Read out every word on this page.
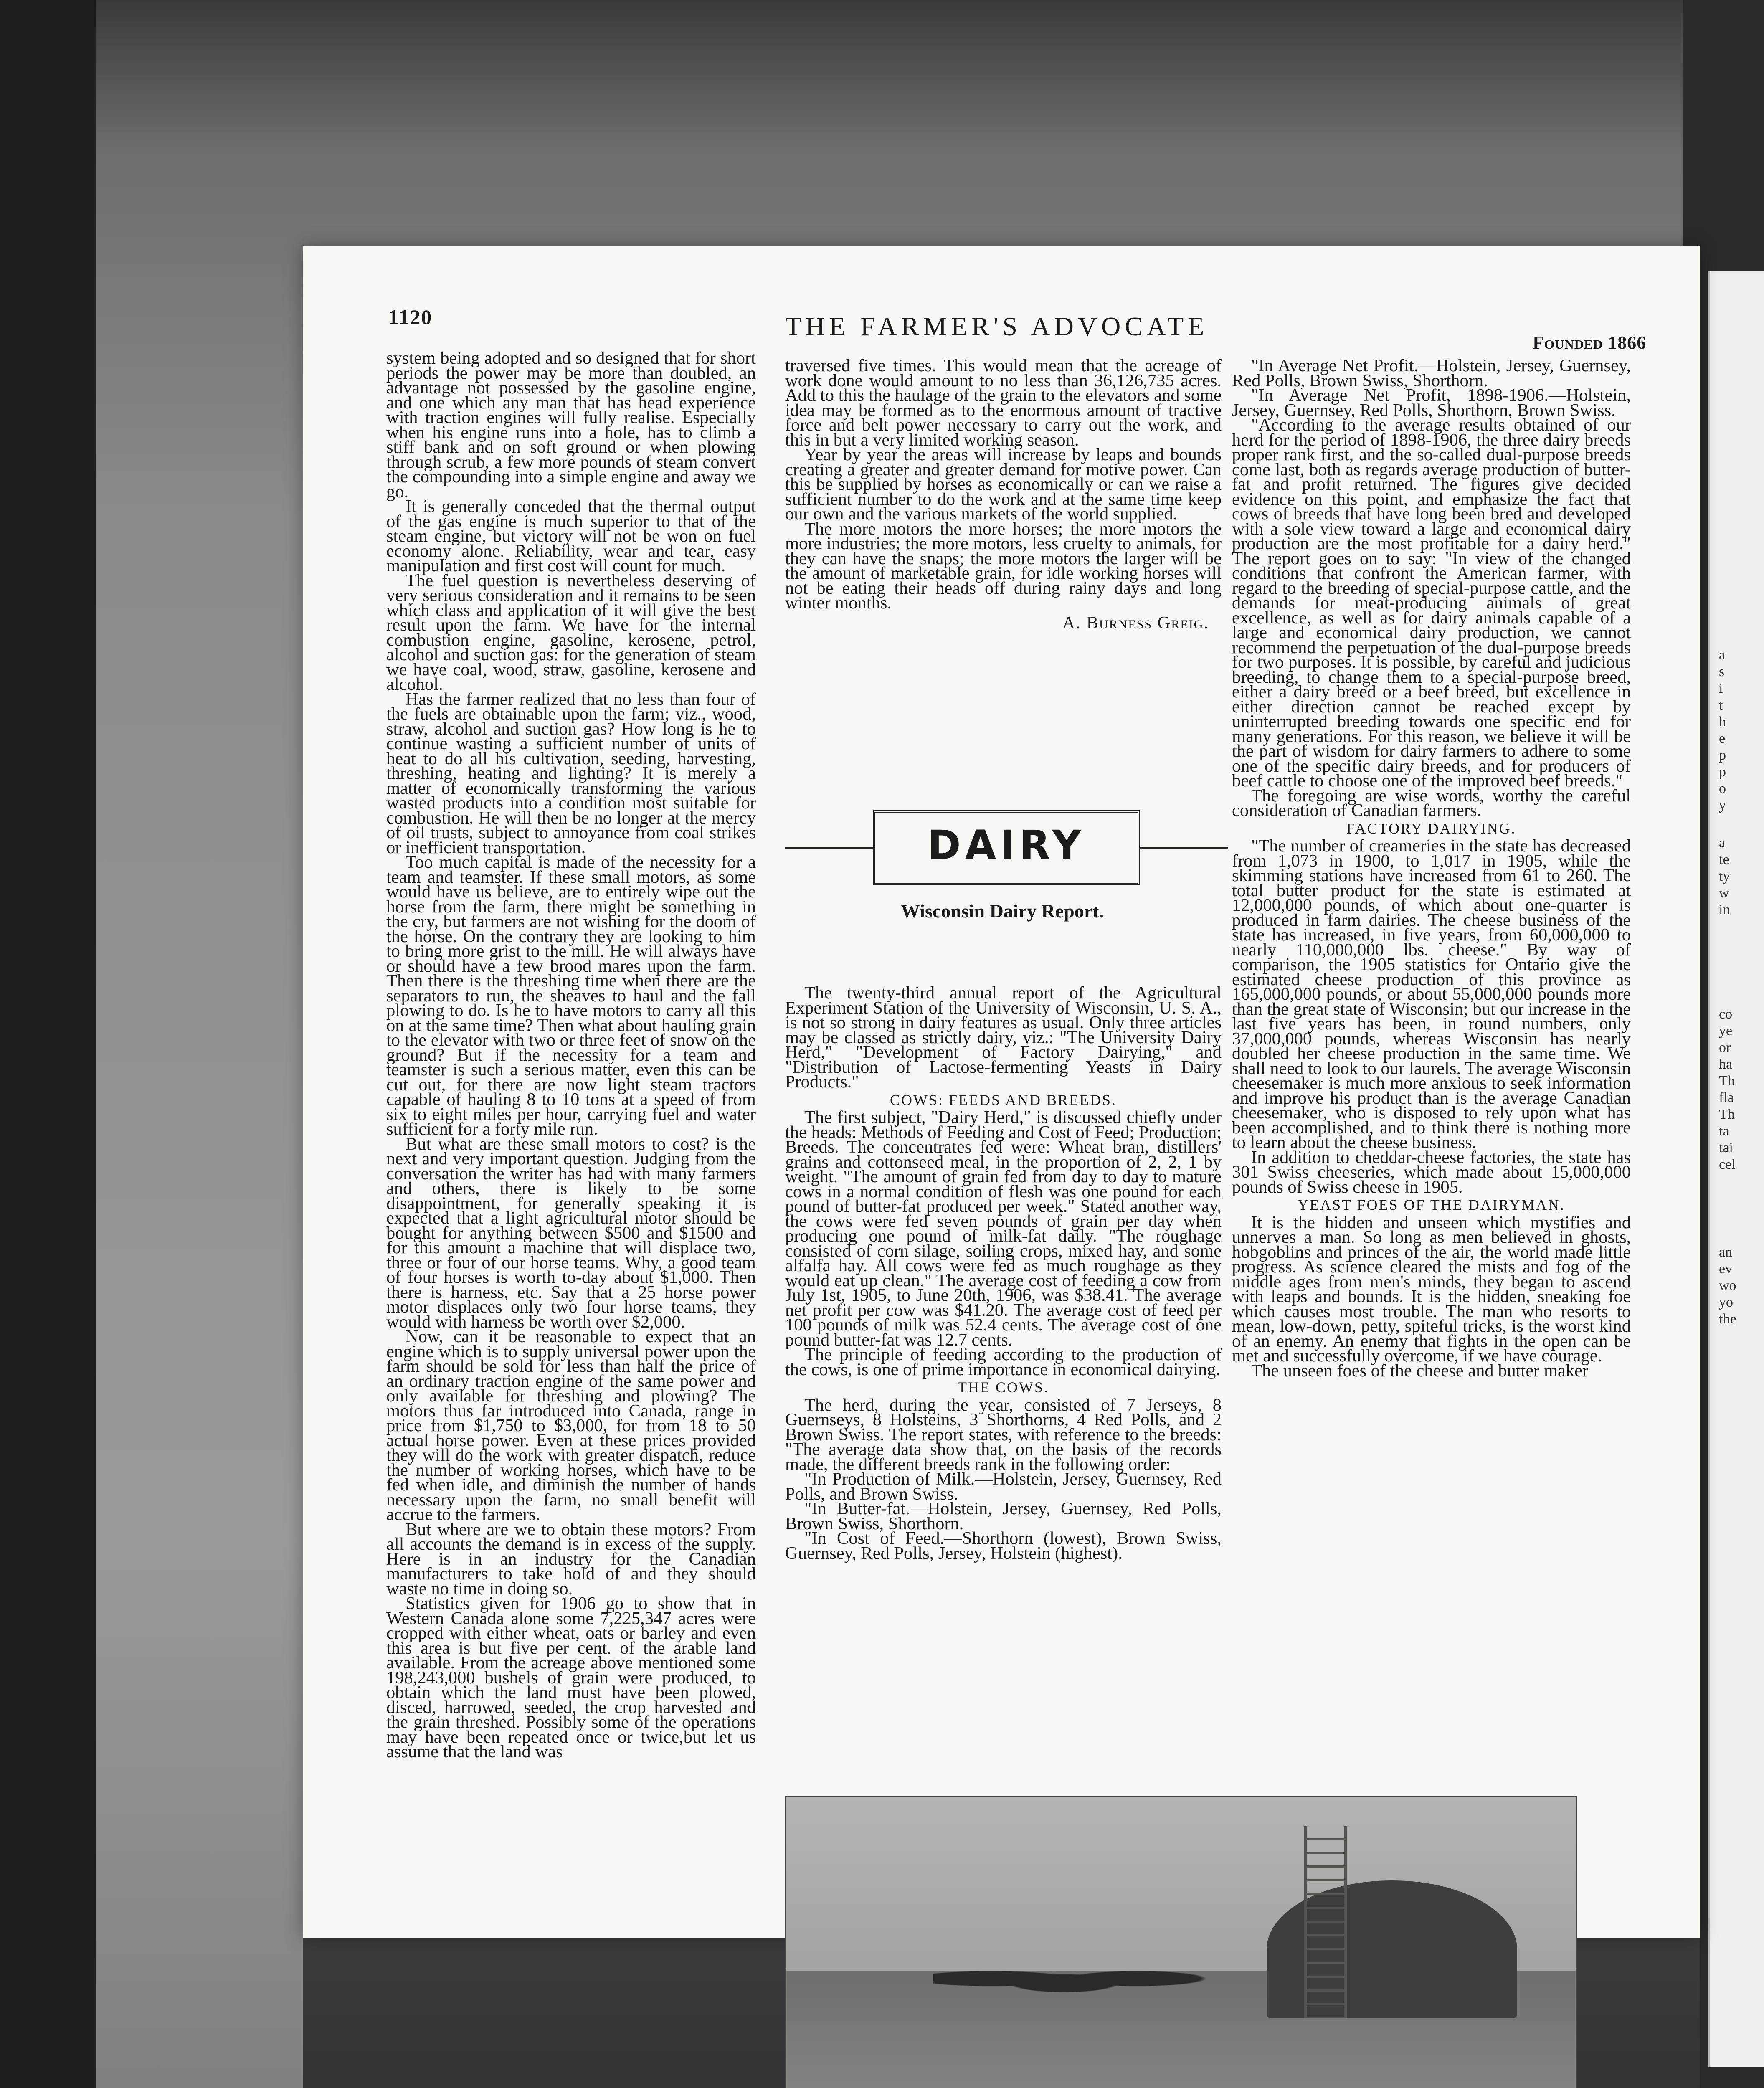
a
s
i
t
h
e
p
p
o
y
a
te
ty
w
in
co
ye
or
ha
Th
fla
Th
ta
tai
cel
an
ev
wo
yo
the
1120	THE FARMER'S ADVOCATE
Founded 1866

system being adopted and so designed that for short periods the power may be more than doubled, an advantage not possessed by the gasoline engine, and one which any man that has head experience with traction engines will fully realise. Especially when his engine runs into a hole, has to climb a stiff bank and on soft ground or when plowing through scrub, a few more pounds of steam convert the compounding into a simple engine and away we go.

It is generally conceded that the thermal output of the gas engine is much superior to that of the steam engine, but victory will not be won on fuel economy alone. Reliability, wear and tear, easy manipulation and first cost will count for much.

The fuel question is nevertheless deserving of very serious consideration and it remains to be seen which class and application of it will give the best result upon the farm. We have for the internal combustion engine, gasoline, kerosene, petrol, alcohol and suction gas: for the generation of steam we have coal, wood, straw, gasoline, kerosene and alcohol.

Has the farmer realized that no less than four of the fuels are obtainable upon the farm; viz., wood, straw, alcohol and suction gas? How long is he to continue wasting a sufficient number of units of heat to do all his cultivation, seeding, harvesting, threshing, heating and lighting? It is merely a matter of economically transforming the various wasted products into a condition most suitable for combustion. He will then be no longer at the mercy of oil trusts, subject to annoyance from coal strikes or inefficient transportation.

Too much capital is made of the necessity for a team and teamster. If these small motors, as some would have us believe, are to entirely wipe out the horse from the farm, there might be something in the cry, but farmers are not wishing for the doom of the horse. On the contrary they are looking to him to bring more grist to the mill. He will always have or should have a few brood mares upon the farm. Then there is the threshing time when there are the separators to run, the sheaves to haul and the fall plowing to do. Is he to have motors to carry all this on at the same time? Then what about hauling grain to the elevator with two or three feet of snow on the ground? But if the necessity for a team and teamster is such a serious matter, even this can be cut out, for there are now light steam tractors capable of hauling 8 to 10 tons at a speed of from six to eight miles per hour, carrying fuel and water sufficient for a forty mile run.

But what are these small motors to cost? is the next and very important question. Judging from the conversation the writer has had with many farmers and others, there is likely to be some disappointment, for generally speaking it is expected that a light agricultural motor should be bought for anything between $500 and $1500 and for this amount a machine that will displace two, three or four of our horse teams. Why, a good team of four horses is worth to-day about $1,000. Then there is harness, etc. Say that a 25 horse power motor displaces only two four horse teams, they would with harness be worth over $2,000.

Now, can it be reasonable to expect that an engine which is to supply universal power upon the farm should be sold for less than half the price of an ordinary traction engine of the same power and only available for threshing and plowing? The motors thus far introduced into Canada, range in price from $1,750 to $3,000, for from 18 to 50 actual horse power. Even at these prices provided they will do the work with greater dispatch, reduce the number of working horses, which have to be fed when idle, and diminish the number of hands necessary upon the farm, no small benefit will accrue to the farmers.

But where are we to obtain these motors? From all accounts the demand is in excess of the supply. Here is in an industry for the Canadian manufacturers to take hold of and they should waste no time in doing so.

Statistics given for 1906 go to show that in Western Canada alone some 7,225,347 acres were cropped with either wheat, oats or barley and even this area is but five per cent. of the arable land available. From the acreage above mentioned some 198,243,000 bushels of grain were produced, to obtain which the land must have been plowed, disced, harrowed, seeded, the crop harvested and the grain threshed. Possibly some of the operations may have been repeated once or twice,but let us assume that the land was

traversed five times. This would mean that the acreage of work done would amount to no less than 36,126,735 acres. Add to this the haulage of the grain to the elevators and some idea may be formed as to the enormous amount of tractive force and belt power necessary to carry out the work, and this in but a very limited working season.

Year by year the areas will increase by leaps and bounds creating a greater and greater demand for motive power. Can this be supplied by horses as economically or can we raise a sufficient number to do the work and at the same time keep our own and the various markets of the world supplied.

The more motors the more horses; the more motors the more industries; the more motors, less cruelty to animals, for they can have the snaps; the more motors the larger will be the amount of marketable grain, for idle working horses will not be eating their heads off during rainy days and long winter months.

A. Burness Greig.
DAIRY
Wisconsin Dairy Report.

The twenty-third annual report of the Agricultural Experiment Station of the University of Wisconsin, U. S. A., is not so strong in dairy features as usual. Only three articles may be classed as strictly dairy, viz.: "The University Dairy Herd," "Development of Factory Dairying," and "Distribution of Lactose-fermenting Yeasts in Dairy Products."

COWS: FEEDS AND BREEDS.

The first subject, "Dairy Herd," is discussed chiefly under the heads: Methods of Feeding and Cost of Feed; Production; Breeds. The concentrates fed were: Wheat bran, distillers' grains and cottonseed meal, in the proportion of 2, 2, 1 by weight. "The amount of grain fed from day to day to mature cows in a normal condition of flesh was one pound for each pound of butter-fat produced per week." Stated another way, the cows were fed seven pounds of grain per day when producing one pound of milk-fat daily. "The roughage consisted of corn silage, soiling crops, mixed hay, and some alfalfa hay. All cows were fed as much roughage as they would eat up clean." The average cost of feeding a cow from July 1st, 1905, to June 20th, 1906, was $38.41. The average net profit per cow was $41.20. The average cost of feed per 100 pounds of milk was 52.4 cents. The average cost of one pound butter-fat was 12.7 cents.

The principle of feeding according to the production of the cows, is one of prime importance in economical dairying.

THE COWS.

The herd, during the year, consisted of 7 Jerseys, 8 Guernseys, 8 Holsteins, 3 Shorthorns, 4 Red Polls, and 2 Brown Swiss. The report states, with reference to the breeds: "The average data show that, on the basis of the records made, the different breeds rank in the following order:

"In Production of Milk.—Holstein, Jersey, Guernsey, Red Polls, and Brown Swiss.

"In Butter-fat.—Holstein, Jersey, Guernsey, Red Polls, Brown Swiss, Shorthorn.

"In Cost of Feed.—Shorthorn (lowest), Brown Swiss, Guernsey, Red Polls, Jersey, Holstein (highest).

"In Average Net Profit.—Holstein, Jersey, Guernsey, Red Polls, Brown Swiss, Shorthorn.

"In Average Net Profit, 1898-1906.—Holstein, Jersey, Guernsey, Red Polls, Shorthorn, Brown Swiss.

"According to the average results obtained of our herd for the period of 1898-1906, the three dairy breeds proper rank first, and the so-called dual-purpose breeds come last, both as regards average production of butter-fat and profit returned. The figures give decided evidence on this point, and emphasize the fact that cows of breeds that have long been bred and developed with a sole view toward a large and economical dairy production are the most profitable for a dairy herd." The report goes on to say: "In view of the changed conditions that confront the American farmer, with regard to the breeding of special-purpose cattle, and the demands for meat-producing animals of great excellence, as well as for dairy animals capable of a large and economical dairy production, we cannot recommend the perpetuation of the dual-purpose breeds for two purposes. It is possible, by careful and judicious breeding, to change them to a special-purpose breed, either a dairy breed or a beef breed, but excellence in either direction cannot be reached except by uninterrupted breeding towards one specific end for many generations. For this reason, we believe it will be the part of wisdom for dairy farmers to adhere to some one of the specific dairy breeds, and for producers of beef cattle to choose one of the improved beef breeds."

The foregoing are wise words, worthy the careful consideration of Canadian farmers.

FACTORY DAIRYING.

"The number of creameries in the state has decreased from 1,073 in 1900, to 1,017 in 1905, while the skimming stations have increased from 61 to 260. The total butter product for the state is estimated at 12,000,000 pounds, of which about one-quarter is produced in farm dairies. The cheese business of the state has increased, in five years, from 60,000,000 to nearly 110,000,000 lbs. cheese." By way of comparison, the 1905 statistics for Ontario give the estimated cheese production of this province as 165,000,000 pounds, or about 55,000,000 pounds more than the great state of Wisconsin; but our increase in the last five years has been, in round numbers, only 37,000,000 pounds, whereas Wisconsin has nearly doubled her cheese production in the same time. We shall need to look to our laurels. The average Wisconsin cheesemaker is much more anxious to seek information and improve his product than is the average Canadian cheesemaker, who is disposed to rely upon what has been accomplished, and to think there is nothing more to learn about the cheese business.

In addition to cheddar-cheese factories, the state has 301 Swiss cheeseries, which made about 15,000,000 pounds of Swiss cheese in 1905.

YEAST FOES OF THE DAIRYMAN.

It is the hidden and unseen which mystifies and unnerves a man. So long as men believed in ghosts, hobgoblins and princes of the air, the world made little progress. As science cleared the mists and fog of the middle ages from men's minds, they began to ascend with leaps and bounds. It is the hidden, sneaking foe which causes most trouble. The man who resorts to mean, low-down, petty, spiteful tricks, is the worst kind of an enemy. An enemy that fights in the open can be met and successfully overcome, if we have courage.

The unseen foes of the cheese and butter maker
